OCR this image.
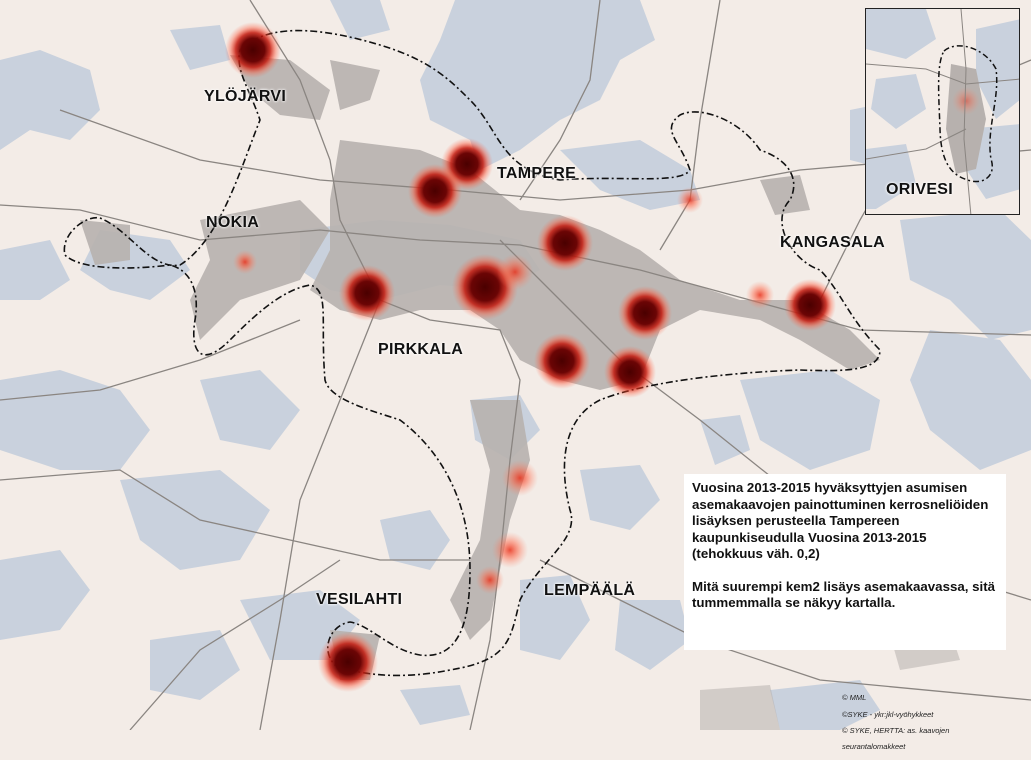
YLÖJÄRVI
TAMPERE
NOKIA
KANGASALA
PIRKKALA
VESILAHTI
LEMPÄÄLÄ
ORIVESI

Vuosina 2013-2015 hyväksyttyjen asumisen asemakaavojen painottuminen kerrosneliöiden lisäyksen perusteella Tampereen kaupunkiseudulla Vuosina 2013-2015 (tehokkuus väh. 0,2)

Mitä suurempi kem2 lisäys asemakaavassa, sitä tummemmalla se näkyy kartalla.

© MML

©SYKE - ykr:jkl-vyöhykkeet

© SYKE, HERTTA: as. kaavojen

seurantalomakkeet
